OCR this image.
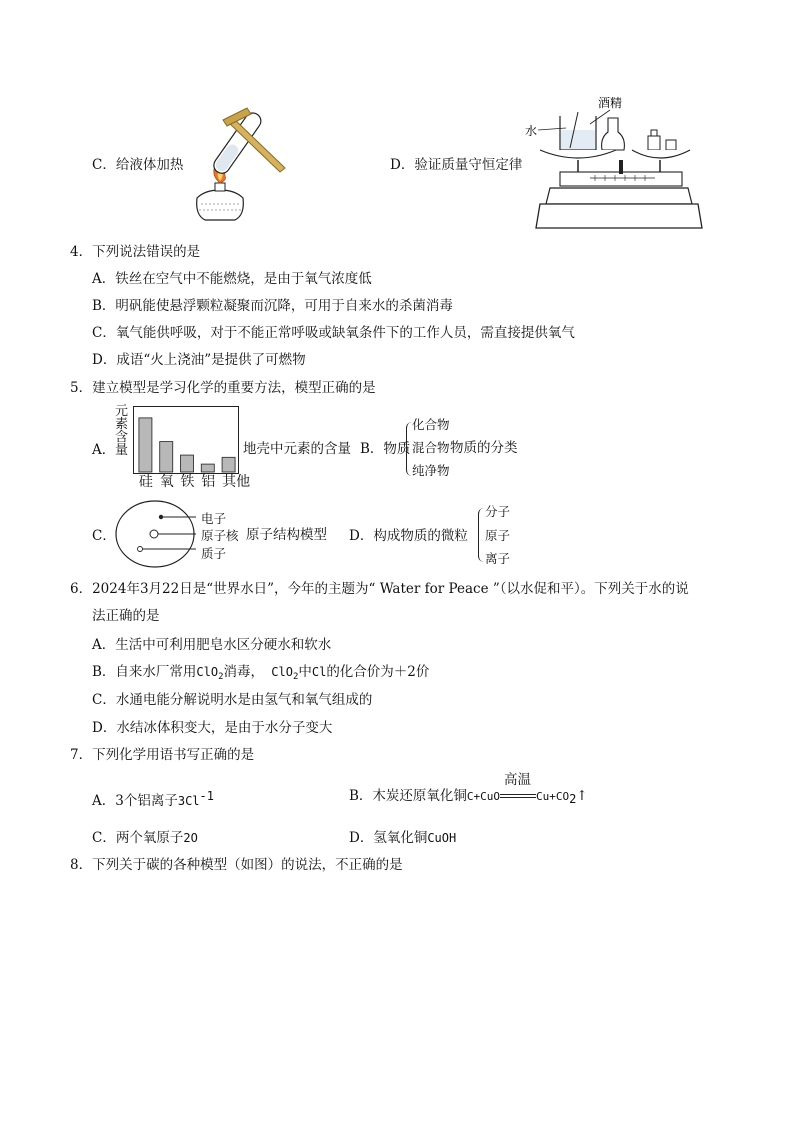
C．给液体加热	D．验证质量守恒定律
酒精
水
4．下列说法错误的是
A．铁丝在空气中不能燃烧，是由于氧气浓度低
B．明矾能使悬浮颗粒凝聚而沉降，可用于自来水的杀菌消毒
C．氧气能供呼吸，对于不能正常呼吸或缺氧条件下的工作人员，需直接提供氧气
D．成语“火上浇油”是提供了可燃物
5．建立模型是学习化学的重要方法，模型正确的是
A．
元素含量
硅 氧 铁 铝 其他
地壳中元素的含量 B．物质
化合物
混合物 物质的分类
纯净物
C．
电子
原子核 原子结构模型
质子
D．构成物质的微粒
分子
原子
离子
6．2024年3月22日是“世界水日”，今年的主题为“ Water for Peace ”（以水促和平）。下列关于水的说
法正确的是
A．生活中可利用肥皂水区分硬水和软水
B．自来水厂常用ClO$_2$消毒， ClO$_2$中Cl的化合价为＋2价
C．水通电能分解说明水是由氢气和氧气组成的
D．水结冰体积变大，是由于水分子变大
7．下列化学用语书写正确的是
A．3个铝离子3Cl-1	B．木炭还原氧化铜C+CuO
高温
Cu+CO2↑
C．两个氧原子2O	D．氢氧化铜CuOH
8．下列关于碳的各种模型（如图）的说法，不正确的是
